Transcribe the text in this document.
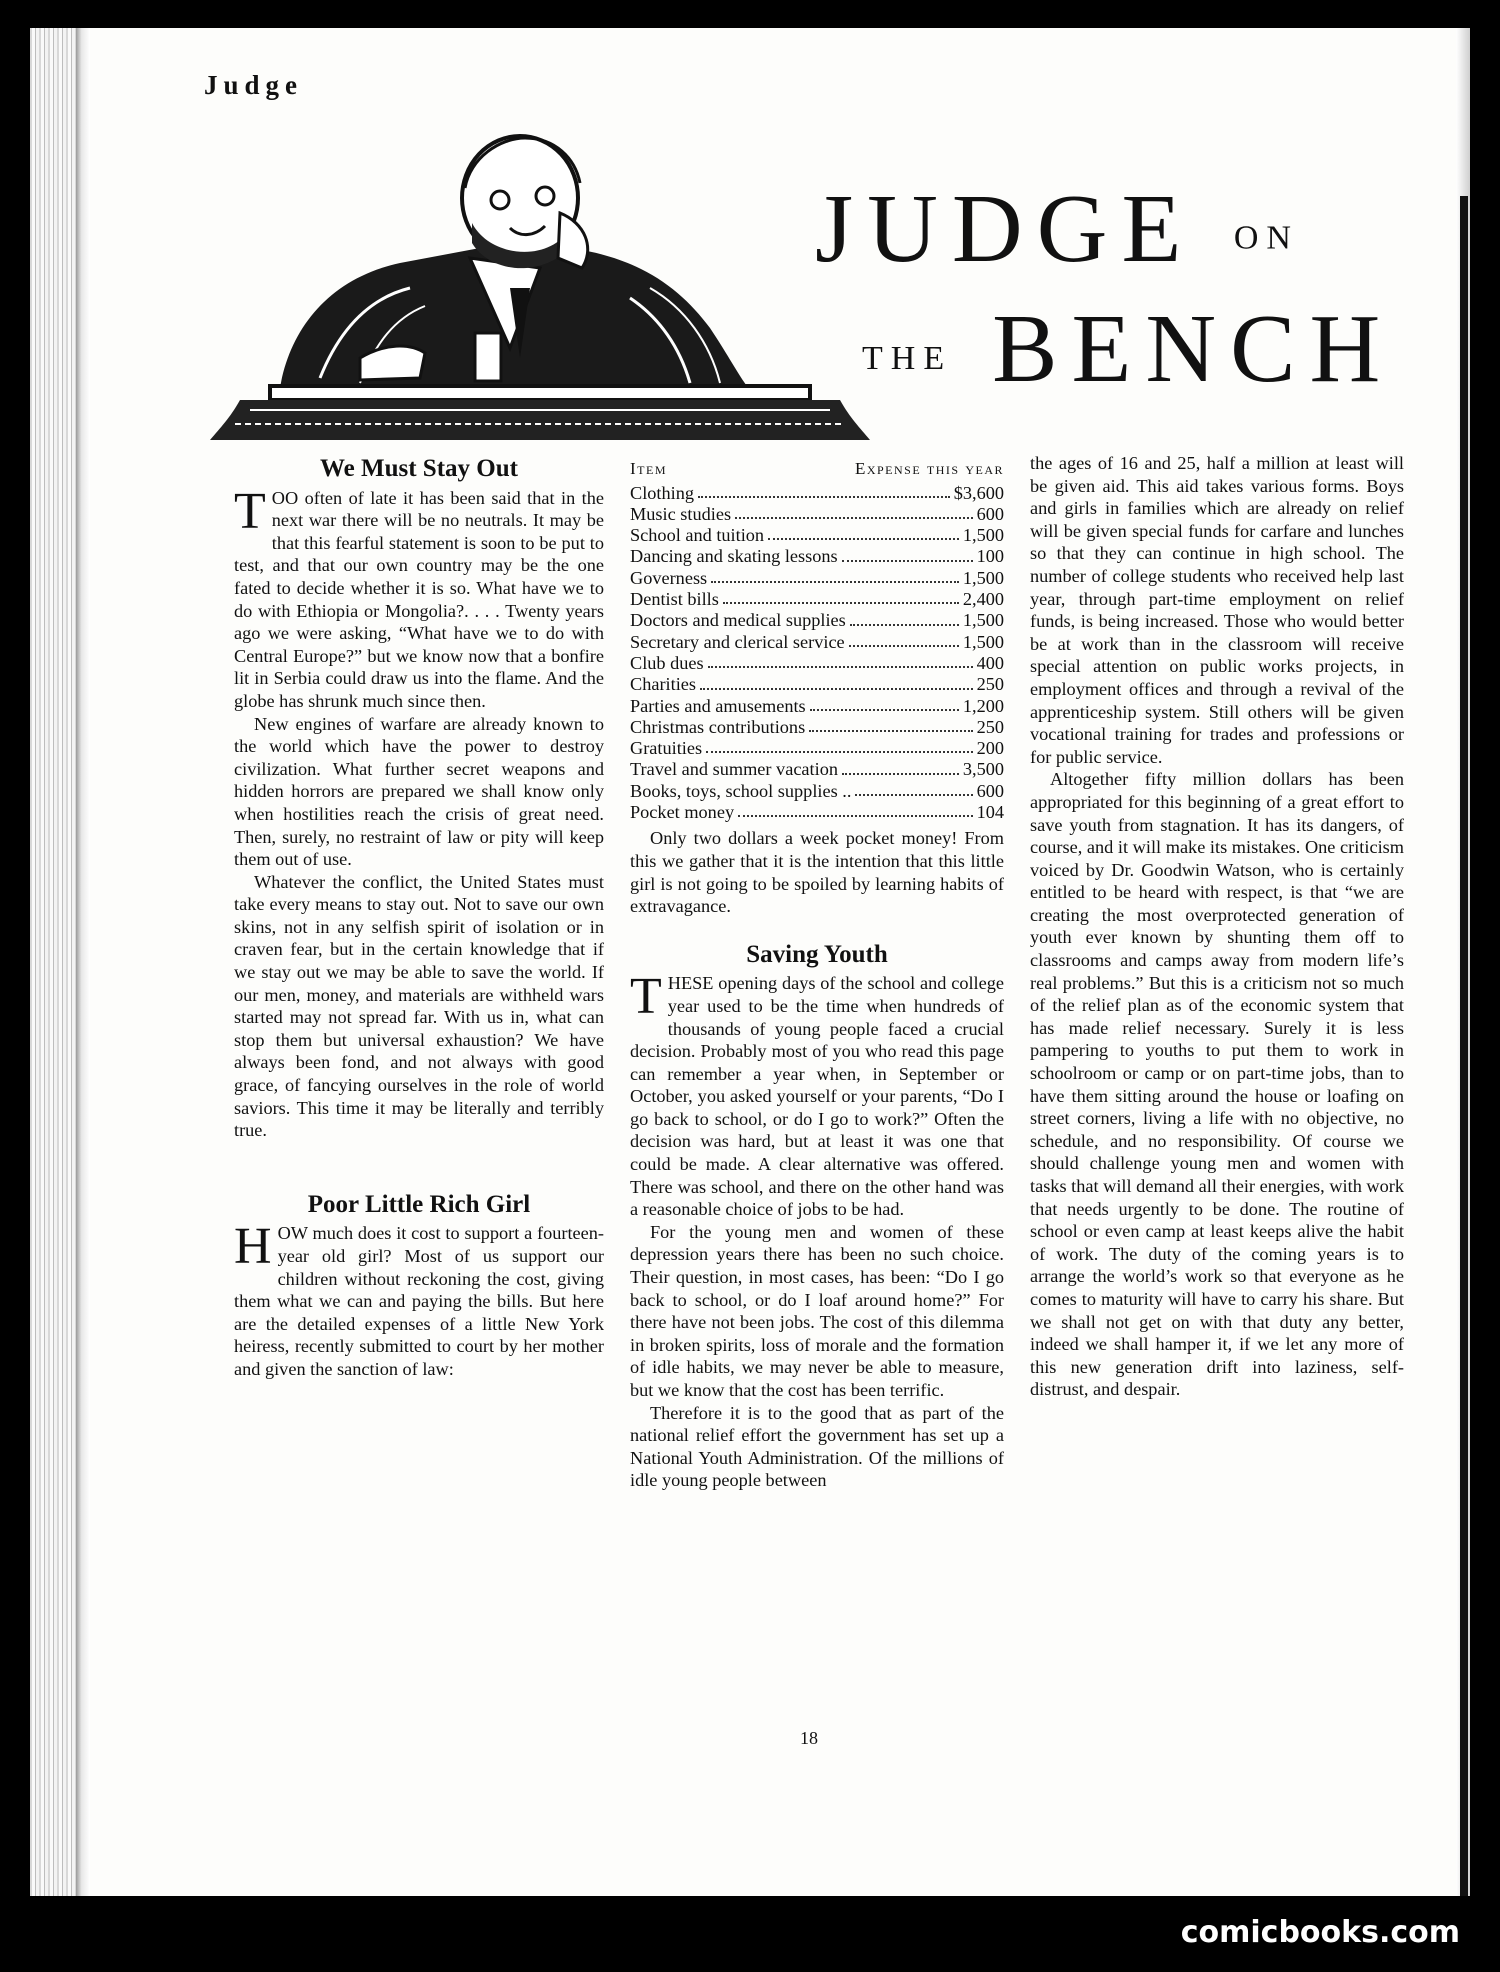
Judge
JUDGE ON
THE BENCH
We Must Stay Out

TOO often of late it has been said that in the next war there will be no neutrals. It may be that this fearful statement is soon to be put to test, and that our own country may be the one fated to decide whether it is so. What have we to do with Ethiopia or Mongolia?. . . . Twenty years ago we were asking, “What have we to do with Central Europe?” but we know now that a bonfire lit in Serbia could draw us into the flame. And the globe has shrunk much since then.

New engines of warfare are already known to the world which have the power to destroy civilization. What further secret weapons and hidden horrors are prepared we shall know only when hostilities reach the crisis of great need. Then, surely, no restraint of law or pity will keep them out of use.

Whatever the conflict, the United States must take every means to stay out. Not to save our own skins, not in any selfish spirit of isolation or in craven fear, but in the certain knowledge that if we stay out we may be able to save the world. If our men, money, and materials are withheld wars started may not spread far. With us in, what can stop them but universal exhaustion? We have always been fond, and not always with good grace, of fancying ourselves in the role of world saviors. This time it may be literally and terribly true.

Poor Little Rich Girl

HOW much does it cost to support a fourteen-year old girl? Most of us support our children without reckoning the cost, giving them what we can and paying the bills. But here are the detailed expenses of a little New York heiress, recently submitted to court by her mother and given the sanction of law:

Item	Expense this year
Clothing	$3,600
Music studies	600
School and tuition	1,500
Dancing and skating lessons	100
Governess	1,500
Dentist bills	2,400
Doctors and medical supplies	1,500
Secretary and clerical service	1,500
Club dues	400
Charities	250
Parties and amusements	1,200
Christmas contributions	250
Gratuities	200
Travel and summer vacation	3,500
Books, toys, school supplies ..	600
Pocket money	104

Only two dollars a week pocket money! From this we gather that it is the intention that this little girl is not going to be spoiled by learning habits of extravagance.

Saving Youth

THESE opening days of the school and college year used to be the time when hundreds of thousands of young people faced a crucial decision. Probably most of you who read this page can remember a year when, in September or October, you asked yourself or your parents, “Do I go back to school, or do I go to work?” Often the decision was hard, but at least it was one that could be made. A clear alternative was offered. There was school, and there on the other hand was a reasonable choice of jobs to be had.

For the young men and women of these depression years there has been no such choice. Their question, in most cases, has been: “Do I go back to school, or do I loaf around home?” For there have not been jobs. The cost of this dilemma in broken spirits, loss of morale and the formation of idle habits, we may never be able to measure, but we know that the cost has been terrific.

Therefore it is to the good that as part of the national relief effort the government has set up a National Youth Administration. Of the millions of idle young people between

the ages of 16 and 25, half a million at least will be given aid. This aid takes various forms. Boys and girls in families which are already on relief will be given special funds for carfare and lunches so that they can continue in high school. The number of college students who received help last year, through part-time employment on relief funds, is being increased. Those who would better be at work than in the classroom will receive special attention on public works projects, in employment offices and through a revival of the apprenticeship system. Still others will be given vocational training for trades and professions or for public service.

Altogether fifty million dollars has been appropriated for this beginning of a great effort to save youth from stagnation. It has its dangers, of course, and it will make its mistakes. One criticism voiced by Dr. Goodwin Watson, who is certainly entitled to be heard with respect, is that “we are creating the most overprotected generation of youth ever known by shunting them off to classrooms and camps away from modern life’s real problems.” But this is a criticism not so much of the relief plan as of the economic system that has made relief necessary. Surely it is less pampering to youths to put them to work in schoolroom or camp or on part-time jobs, than to have them sitting around the house or loafing on street corners, living a life with no objective, no schedule, and no responsibility. Of course we should challenge young men and women with tasks that will demand all their energies, with work that needs urgently to be done. The routine of school or even camp at least keeps alive the habit of work. The duty of the coming years is to arrange the world’s work so that everyone as he comes to maturity will have to carry his share. But we shall not get on with that duty any better, indeed we shall hamper it, if we let any more of this new generation drift into laziness, self-distrust, and despair.

18
comicbooks.com
